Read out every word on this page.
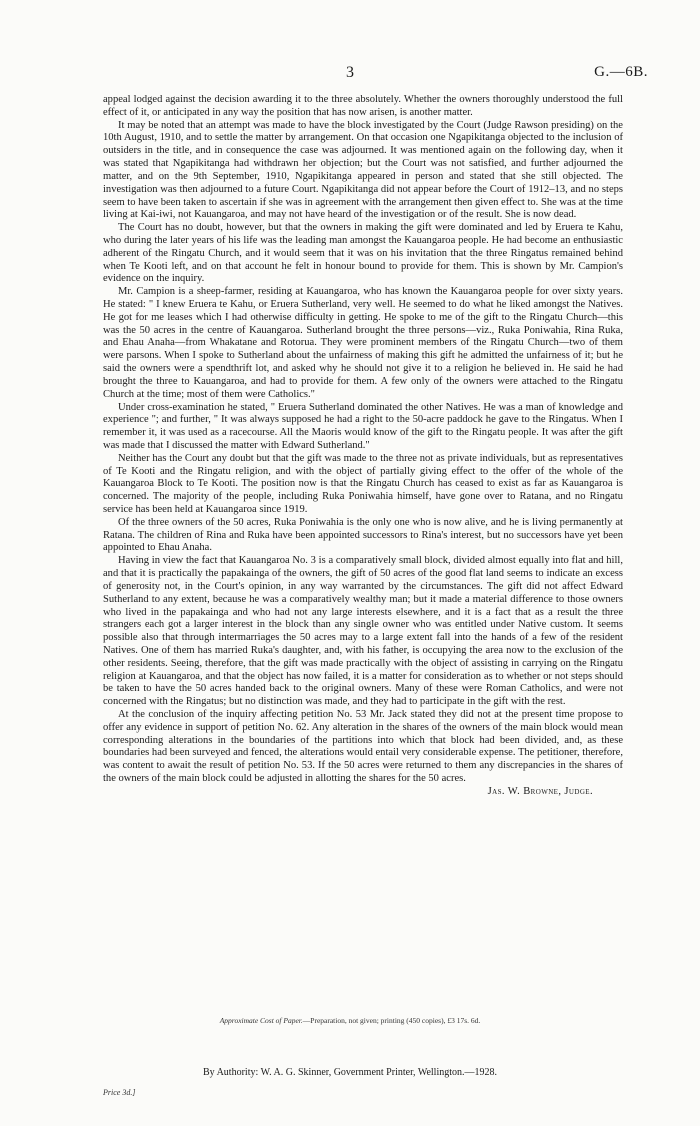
3	G.—6B.

appeal lodged against the decision awarding it to the three absolutely. Whether the owners thoroughly understood the full effect of it, or anticipated in any way the position that has now arisen, is another matter.

It may be noted that an attempt was made to have the block investigated by the Court (Judge Rawson presiding) on the 10th August, 1910, and to settle the matter by arrangement. On that occasion one Ngapikitanga objected to the inclusion of outsiders in the title, and in consequence the case was adjourned. It was mentioned again on the following day, when it was stated that Ngapikitanga had withdrawn her objection; but the Court was not satisfied, and further adjourned the matter, and on the 9th September, 1910, Ngapikitanga appeared in person and stated that she still objected. The investigation was then adjourned to a future Court. Ngapikitanga did not appear before the Court of 1912–13, and no steps seem to have been taken to ascertain if she was in agreement with the arrangement then given effect to. She was at the time living at Kai-iwi, not Kauangaroa, and may not have heard of the investigation or of the result. She is now dead.

The Court has no doubt, however, but that the owners in making the gift were dominated and led by Eruera te Kahu, who during the later years of his life was the leading man amongst the Kauangaroa people. He had become an enthusiastic adherent of the Ringatu Church, and it would seem that it was on his invitation that the three Ringatus remained behind when Te Kooti left, and on that account he felt in honour bound to provide for them. This is shown by Mr. Campion's evidence on the inquiry.

Mr. Campion is a sheep-farmer, residing at Kauangaroa, who has known the Kauangaroa people for over sixty years. He stated: " I knew Eruera te Kahu, or Eruera Sutherland, very well. He seemed to do what he liked amongst the Natives. He got for me leases which I had otherwise difficulty in getting. He spoke to me of the gift to the Ringatu Church—this was the 50 acres in the centre of Kauangaroa. Sutherland brought the three persons—viz., Ruka Poniwahia, Rina Ruka, and Ehau Anaha—from Whakatane and Rotorua. They were prominent members of the Ringatu Church—two of them were parsons. When I spoke to Sutherland about the unfairness of making this gift he admitted the unfairness of it; but he said the owners were a spendthrift lot, and asked why he should not give it to a religion he believed in. He said he had brought the three to Kauangaroa, and had to provide for them. A few only of the owners were attached to the Ringatu Church at the time; most of them were Catholics."

Under cross-examination he stated, " Eruera Sutherland dominated the other Natives. He was a man of knowledge and experience "; and further, " It was always supposed he had a right to the 50-acre paddock he gave to the Ringatus. When I remember it, it was used as a racecourse. All the Maoris would know of the gift to the Ringatu people. It was after the gift was made that I discussed the matter with Edward Sutherland."

Neither has the Court any doubt but that the gift was made to the three not as private individuals, but as representatives of Te Kooti and the Ringatu religion, and with the object of partially giving effect to the offer of the whole of the Kauangaroa Block to Te Kooti. The position now is that the Ringatu Church has ceased to exist as far as Kauangaroa is concerned. The majority of the people, including Ruka Poniwahia himself, have gone over to Ratana, and no Ringatu service has been held at Kauangaroa since 1919.

Of the three owners of the 50 acres, Ruka Poniwahia is the only one who is now alive, and he is living permanently at Ratana. The children of Rina and Ruka have been appointed successors to Rina's interest, but no successors have yet been appointed to Ehau Anaha.

Having in view the fact that Kauangaroa No. 3 is a comparatively small block, divided almost equally into flat and hill, and that it is practically the papakainga of the owners, the gift of 50 acres of the good flat land seems to indicate an excess of generosity not, in the Court's opinion, in any way warranted by the circumstances. The gift did not affect Edward Sutherland to any extent, because he was a comparatively wealthy man; but it made a material difference to those owners who lived in the papakainga and who had not any large interests elsewhere, and it is a fact that as a result the three strangers each got a larger interest in the block than any single owner who was entitled under Native custom. It seems possible also that through intermarriages the 50 acres may to a large extent fall into the hands of a few of the resident Natives. One of them has married Ruka's daughter, and, with his father, is occupying the area now to the exclusion of the other residents. Seeing, therefore, that the gift was made practically with the object of assisting in carrying on the Ringatu religion at Kauangaroa, and that the object has now failed, it is a matter for consideration as to whether or not steps should be taken to have the 50 acres handed back to the original owners. Many of these were Roman Catholics, and were not concerned with the Ringatus; but no distinction was made, and they had to participate in the gift with the rest.

At the conclusion of the inquiry affecting petition No. 53 Mr. Jack stated they did not at the present time propose to offer any evidence in support of petition No. 62. Any alteration in the shares of the owners of the main block would mean corresponding alterations in the boundaries of the partitions into which that block had been divided, and, as these boundaries had been surveyed and fenced, the alterations would entail very considerable expense. The petitioner, therefore, was content to await the result of petition No. 53. If the 50 acres were returned to them any discrepancies in the shares of the owners of the main block could be adjusted in allotting the shares for the 50 acres.

Jas. W. Browne, Judge.
Approximate Cost of Paper.—Preparation, not given; printing (450 copies), £3 17s. 6d.
By Authority: W. A. G. Skinner, Government Printer, Wellington.—1928.
Price 3d.]
